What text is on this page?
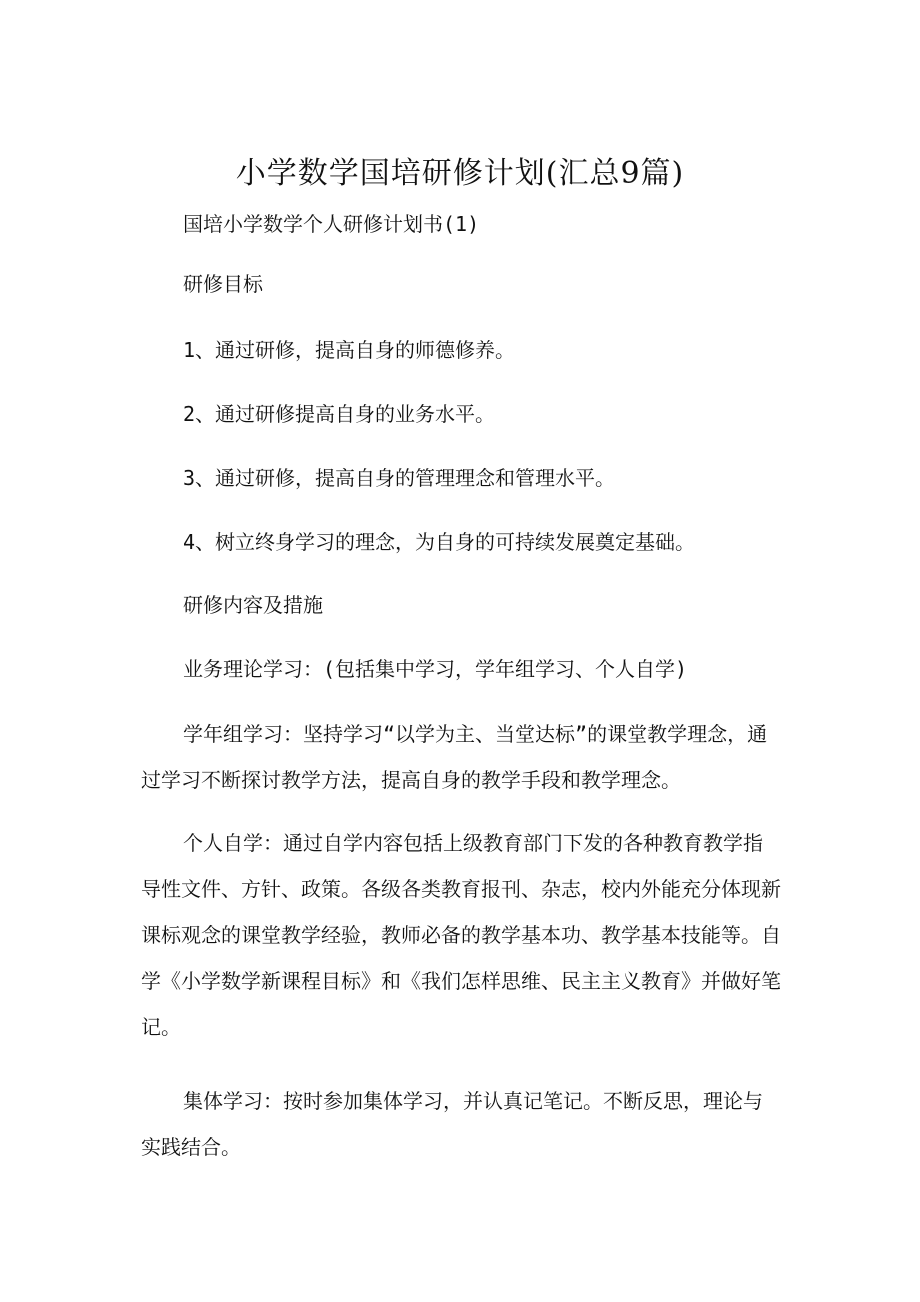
小学数学国培研修计划(汇总9篇)

国培小学数学个人研修计划书(1)

研修目标

1、通过研修，提高自身的师德修养。

2、通过研修提高自身的业务水平。

3、通过研修，提高自身的管理理念和管理水平。

4、树立终身学习的理念，为自身的可持续发展奠定基础。

研修内容及措施

业务理论学习：(包括集中学习，学年组学习、个人自学)

学年组学习：坚持学习“以学为主、当堂达标”的课堂教学理念，通过学习不断探讨教学方法，提高自身的教学手段和教学理念。

个人自学：通过自学内容包括上级教育部门下发的各种教育教学指导性文件、方针、政策。各级各类教育报刊、杂志，校内外能充分体现新课标观念的课堂教学经验，教师必备的教学基本功、教学基本技能等。自学《小学数学新课程目标》和《我们怎样思维、民主主义教育》并做好笔记。

集体学习：按时参加集体学习，并认真记笔记。不断反思，理论与实践结合。
